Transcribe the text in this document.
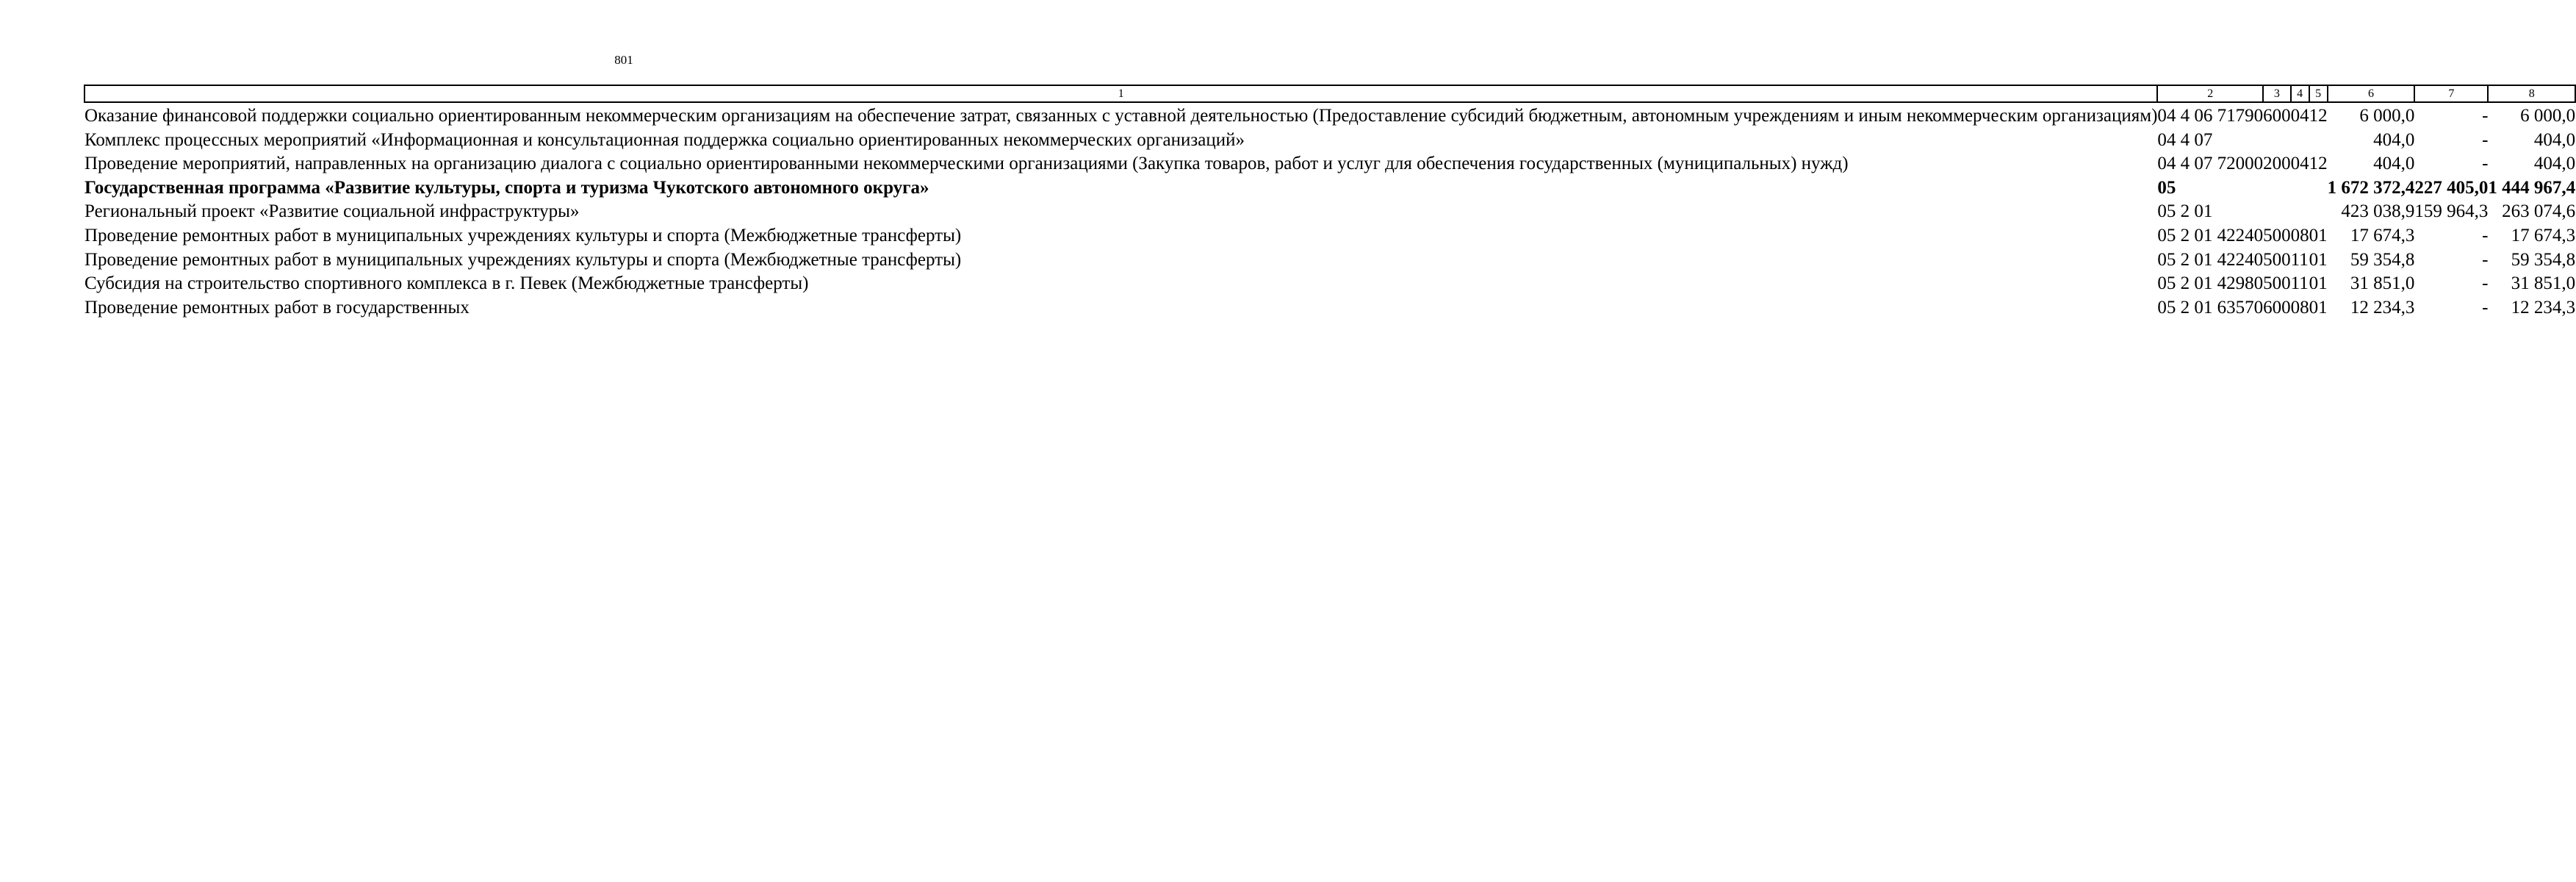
801
1	2	3	4	5	6	7	8
Оказание финансовой поддержки социально ориентированным некоммерческим организациям на обеспечение затрат, связанных с уставной деятельностью (Предоставление субсидий бюджетным, автономным учреждениям и иным некоммерческим организациям)	04 4 06 71790	600	04	12	6 000,0	-	6 000,0
Комплекс процессных мероприятий «Информационная и консультационная поддержка социально ориентированных некоммерческих организаций»	04 4 07				404,0	-	404,0
Проведение мероприятий, направленных на организацию диалога с социально ориентированными некоммерческими организациями (Закупка товаров, работ и услуг для обеспечения государственных (муниципальных) нужд)	04 4 07 72000	200	04	12	404,0	-	404,0
Государственная программа «Развитие культуры, спорта и туризма Чукотского автономного округа»	05				1 672 372,4	227 405,0	1 444 967,4
Региональный проект «Развитие социальной инфраструктуры»	05 2 01				423 038,9	159 964,3	263 074,6
Проведение ремонтных работ в муниципальных учреждениях культуры и спорта (Межбюджетные трансферты)	05 2 01 42240	500	08	01	17 674,3	-	17 674,3
Проведение ремонтных работ в муниципальных учреждениях культуры и спорта (Межбюджетные трансферты)	05 2 01 42240	500	11	01	59 354,8	-	59 354,8
Субсидия на строительство спортивного комплекса в г. Певек (Межбюджетные трансферты)	05 2 01 42980	500	11	01	31 851,0	-	31 851,0
Проведение ремонтных работ в государственных	05 2 01 63570	600	08	01	12 234,3	-	12 234,3
